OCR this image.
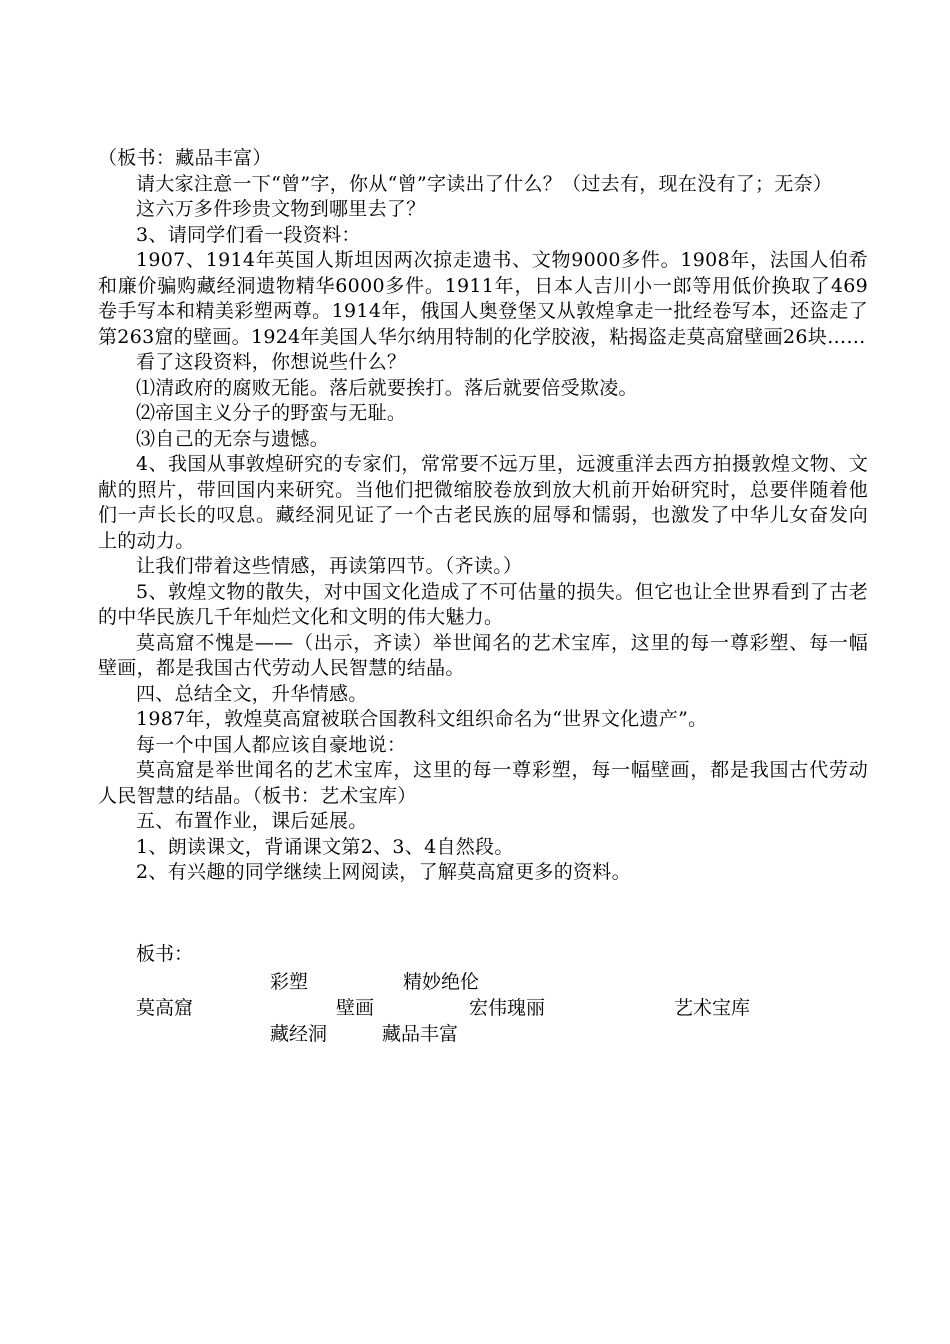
（板书：藏品丰富）

请大家注意一下“曾”字，你从“曾”字读出了什么？（过去有，现在没有了；无奈）

这六万多件珍贵文物到哪里去了？

3、请同学们看一段资料：

1907、1914年英国人斯坦因两次掠走遗书、文物9000多件。1908年，法国人伯希和廉价骗购藏经洞遗物精华6000多件。1911年，日本人吉川小一郎等用低价换取了469卷手写本和精美彩塑两尊。1914年，俄国人奥登堡又从敦煌拿走一批经卷写本，还盗走了第263窟的壁画。1924年美国人华尔纳用特制的化学胶液，粘揭盗走莫高窟壁画26块……

看了这段资料，你想说些什么？

⑴清政府的腐败无能。落后就要挨打。落后就要倍受欺凌。

⑵帝国主义分子的野蛮与无耻。

⑶自己的无奈与遗憾。

4、我国从事敦煌研究的专家们，常常要不远万里，远渡重洋去西方拍摄敦煌文物、文献的照片，带回国内来研究。当他们把微缩胶卷放到放大机前开始研究时，总要伴随着他们一声长长的叹息。藏经洞见证了一个古老民族的屈辱和懦弱，也激发了中华儿女奋发向上的动力。

让我们带着这些情感，再读第四节。（齐读。）

5、敦煌文物的散失，对中国文化造成了不可估量的损失。但它也让全世界看到了古老的中华民族几千年灿烂文化和文明的伟大魅力。

莫高窟不愧是——（出示，齐读）举世闻名的艺术宝库，这里的每一尊彩塑、每一幅壁画，都是我国古代劳动人民智慧的结晶。

四、总结全文，升华情感。

1987年，敦煌莫高窟被联合国教科文组织命名为“世界文化遗产”。

每一个中国人都应该自豪地说：

莫高窟是举世闻名的艺术宝库，这里的每一尊彩塑，每一幅壁画，都是我国古代劳动人民智慧的结晶。（板书：艺术宝库）

五、布置作业，课后延展。

1、朗读课文，背诵课文第2、3、4自然段。

2、有兴趣的同学继续上网阅读，了解莫高窟更多的资料。

板书：
彩塑	精妙绝伦
莫高窟	壁画	宏伟瑰丽	艺术宝库
藏经洞	藏品丰富
